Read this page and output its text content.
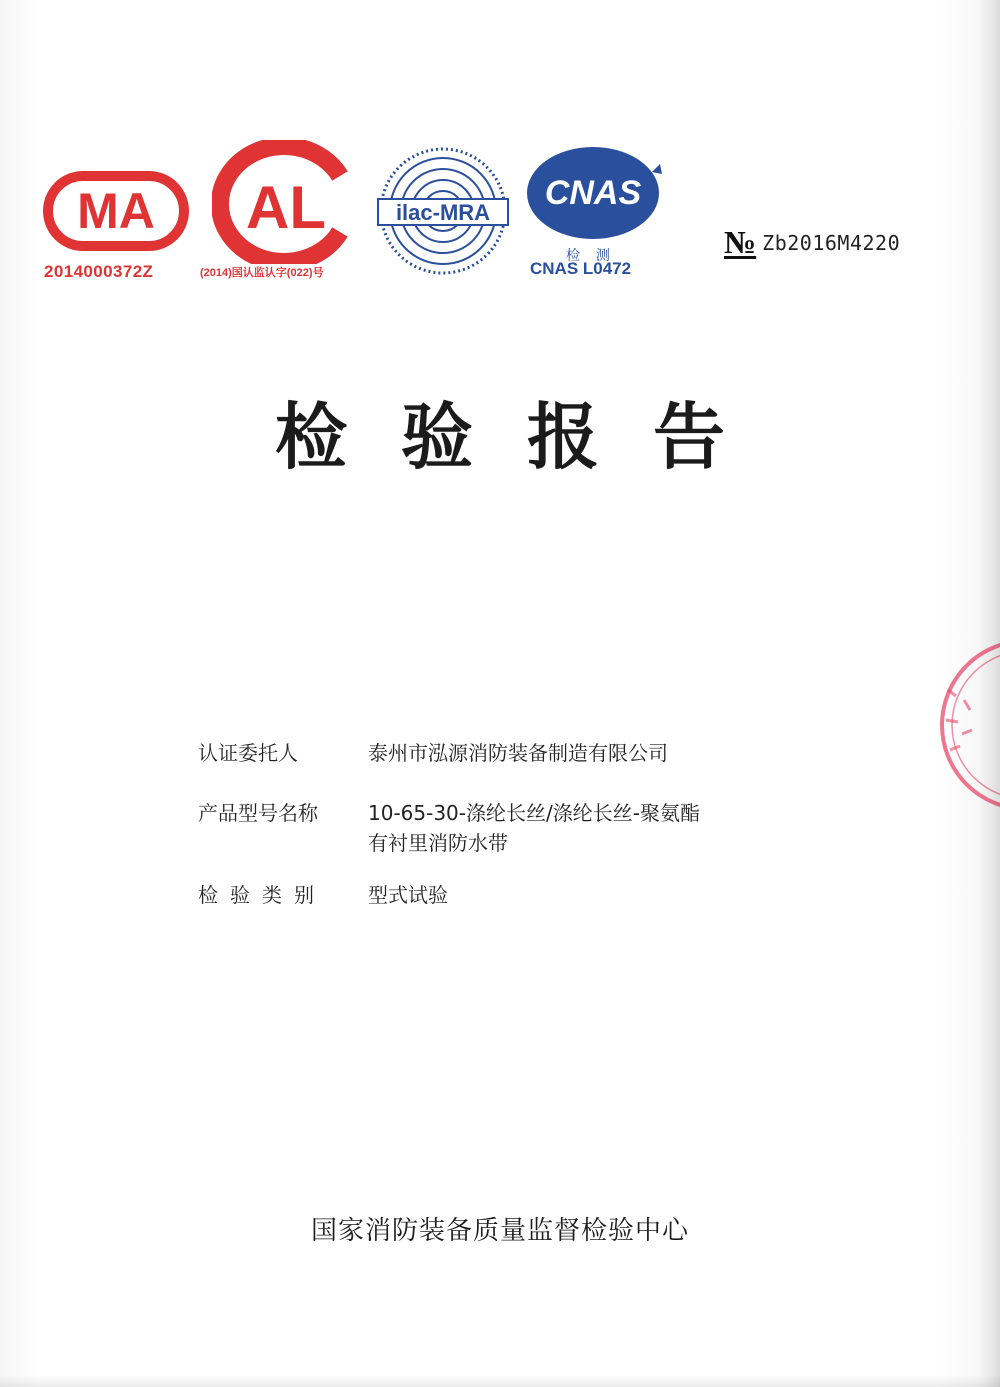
MA
2014000372Z
AL
(2014)国认监认字(022)号
ilac-MRA
CNAS
检 测
CNAS L0472
№ Zb2016M4220
检验报告
认证委托人	泰州市泓源消防装备制造有限公司
产品型号名称	10-65-30-涤纶长丝/涤纶长丝-聚氨酯
有衬里消防水带
检验类别	型式试验
国家消防装备质量监督检验中心
